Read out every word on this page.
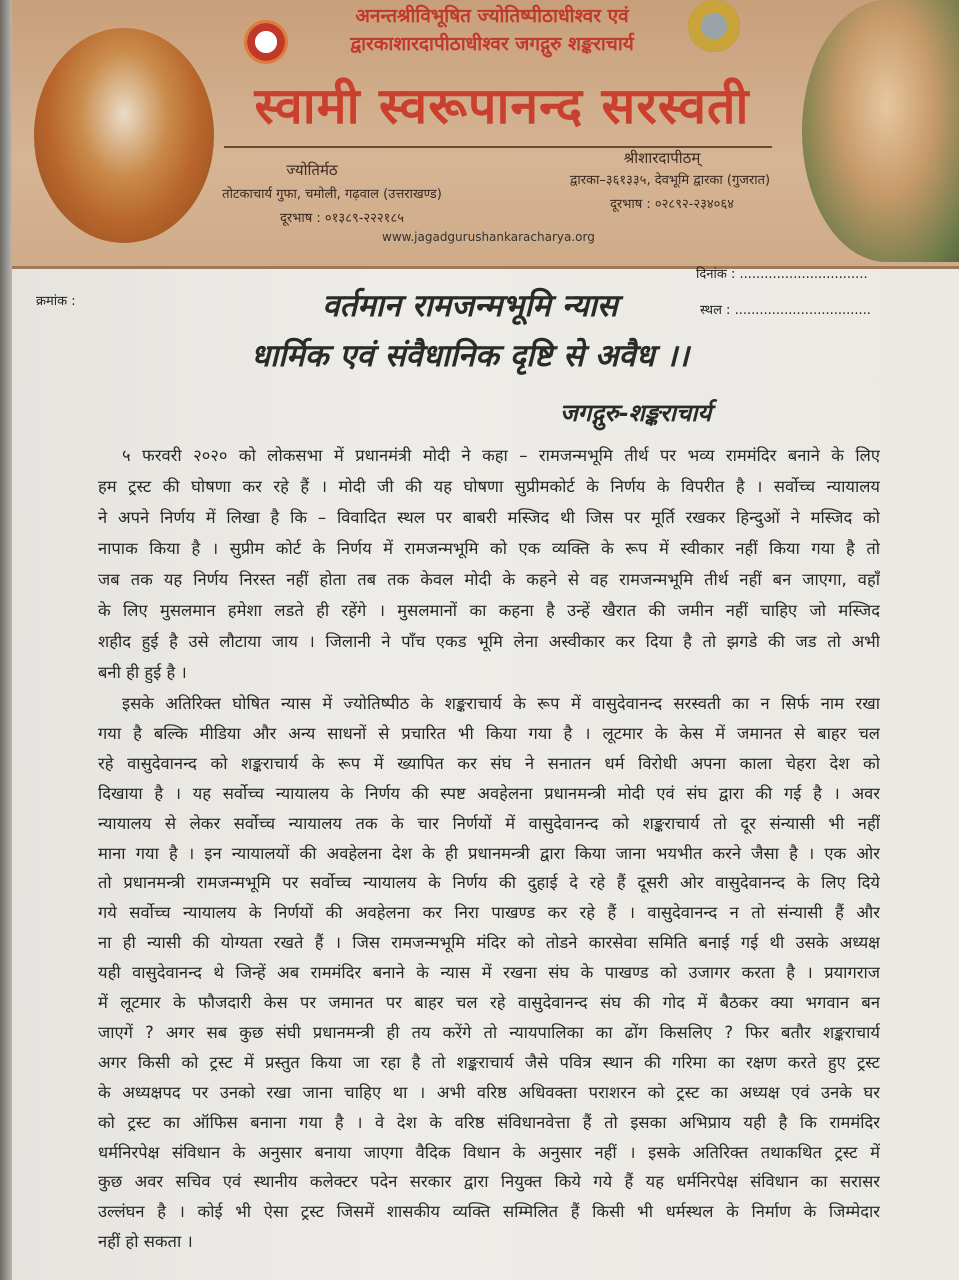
अनन्तश्रीविभूषित ज्योतिष्पीठाधीश्वर एवं
द्वारकाशारदापीठाधीश्वर जगद्गुरु शङ्कराचार्य
स्वामी स्वरूपानन्द सरस्वती
ज्योतिर्मठ
तोटकाचार्य गुफा, चमोली, गढ़वाल (उत्तराखण्ड)
दूरभाष : ०१३८९-२२२१८५
श्रीशारदापीठम्
द्वारका–३६१३३५, देवभूमि द्वारका (गुजरात)
दूरभाष : ०२८९२-२३४०६४
www.jagadgurushankaracharya.org
क्रमांक :
दिनांक : ...............................
स्थल : .................................
वर्तमान रामजन्मभूमि न्यास
धार्मिक एवं संवैधानिक दृष्टि से अवैध ।।
जगद्गुरु-शङ्कराचार्य
५ फरवरी २०२० को लोकसभा में प्रधानमंत्री मोदी ने कहा – रामजन्मभूमि तीर्थ पर भव्य राममंदिर बनाने के लिए
हम ट्रस्ट की घोषणा कर रहे हैं । मोदी जी की यह घोषणा सुप्रीमकोर्ट के निर्णय के विपरीत है । सर्वोच्च न्यायालय
ने अपने निर्णय में लिखा है कि – विवादित स्थल पर बाबरी मस्जिद थी जिस पर मूर्ति रखकर हिन्दुओं ने मस्जिद को
नापाक किया है । सुप्रीम कोर्ट के निर्णय में रामजन्मभूमि को एक व्यक्ति के रूप में स्वीकार नहीं किया गया है तो
जब तक यह निर्णय निरस्त नहीं होता तब तक केवल मोदी के कहने से वह रामजन्मभूमि तीर्थ नहीं बन जाएगा, वहाँ
के लिए मुसलमान हमेशा लडते ही रहेंगे । मुसलमानों का कहना है उन्हें खैरात की जमीन नहीं चाहिए जो मस्जिद
शहीद हुई है उसे लौटाया जाय । जिलानी ने पाँच एकड भूमि लेना अस्वीकार कर दिया है तो झगडे की जड तो अभी
बनी ही हुई है ।
इसके अतिरिक्त घोषित न्यास में ज्योतिष्पीठ के शङ्कराचार्य के रूप में वासुदेवानन्द सरस्वती का न सिर्फ नाम रखा
गया है बल्कि मीडिया और अन्य साधनों से प्रचारित भी किया गया है । लूटमार के केस में जमानत से बाहर चल
रहे वासुदेवानन्द को शङ्कराचार्य के रूप में ख्यापित कर संघ ने सनातन धर्म विरोधी अपना काला चेहरा देश को
दिखाया है । यह सर्वोच्च न्यायालय के निर्णय की स्पष्ट अवहेलना प्रधानमन्त्री मोदी एवं संघ द्वारा की गई है । अवर
न्यायालय से लेकर सर्वोच्च न्यायालय तक के चार निर्णयों में वासुदेवानन्द को शङ्कराचार्य तो दूर संन्यासी भी नहीं
माना गया है । इन न्यायालयों की अवहेलना देश के ही प्रधानमन्त्री द्वारा किया जाना भयभीत करने जैसा है । एक ओर
तो प्रधानमन्त्री रामजन्मभूमि पर सर्वोच्च न्यायालय के निर्णय की दुहाई दे रहे हैं दूसरी ओर वासुदेवानन्द के लिए दिये
गये सर्वोच्च न्यायालय के निर्णयों की अवहेलना कर निरा पाखण्ड कर रहे हैं । वासुदेवानन्द न तो संन्यासी हैं और
ना ही न्यासी की योग्यता रखते हैं । जिस रामजन्मभूमि मंदिर को तोडने कारसेवा समिति बनाई गई थी उसके अध्यक्ष
यही वासुदेवानन्द थे जिन्हें अब राममंदिर बनाने के न्यास में रखना संघ के पाखण्ड को उजागर करता है । प्रयागराज
में लूटमार के फौजदारी केस पर जमानत पर बाहर चल रहे वासुदेवानन्द संघ की गोद में बैठकर क्या भगवान बन
जाएगें ? अगर सब कुछ संघी प्रधानमन्त्री ही तय करेंगे तो न्यायपालिका का ढोंग किसलिए ? फिर बतौर शङ्कराचार्य
अगर किसी को ट्रस्ट में प्रस्तुत किया जा रहा है तो शङ्कराचार्य जैसे पवित्र स्थान की गरिमा का रक्षण करते हुए ट्रस्ट
के अध्यक्षपद पर उनको रखा जाना चाहिए था । अभी वरिष्ठ अधिवक्ता पराशरन को ट्रस्ट का अध्यक्ष एवं उनके घर
को ट्रस्ट का ऑफिस बनाना गया है । वे देश के वरिष्ठ संविधानवेत्ता हैं तो इसका अभिप्राय यही है कि राममंदिर
धर्मनिरपेक्ष संविधान के अनुसार बनाया जाएगा वैदिक विधान के अनुसार नहीं । इसके अतिरिक्त तथाकथित ट्रस्ट में
कुछ अवर सचिव एवं स्थानीय कलेक्टर पदेन सरकार द्वारा नियुक्त किये गये हैं यह धर्मनिरपेक्ष संविधान का सरासर
उल्लंघन है । कोई भी ऐसा ट्रस्ट जिसमें शासकीय व्यक्ति सम्मिलित हैं किसी भी धर्मस्थल के निर्माण के जिम्मेदार
नहीं हो सकता ।
